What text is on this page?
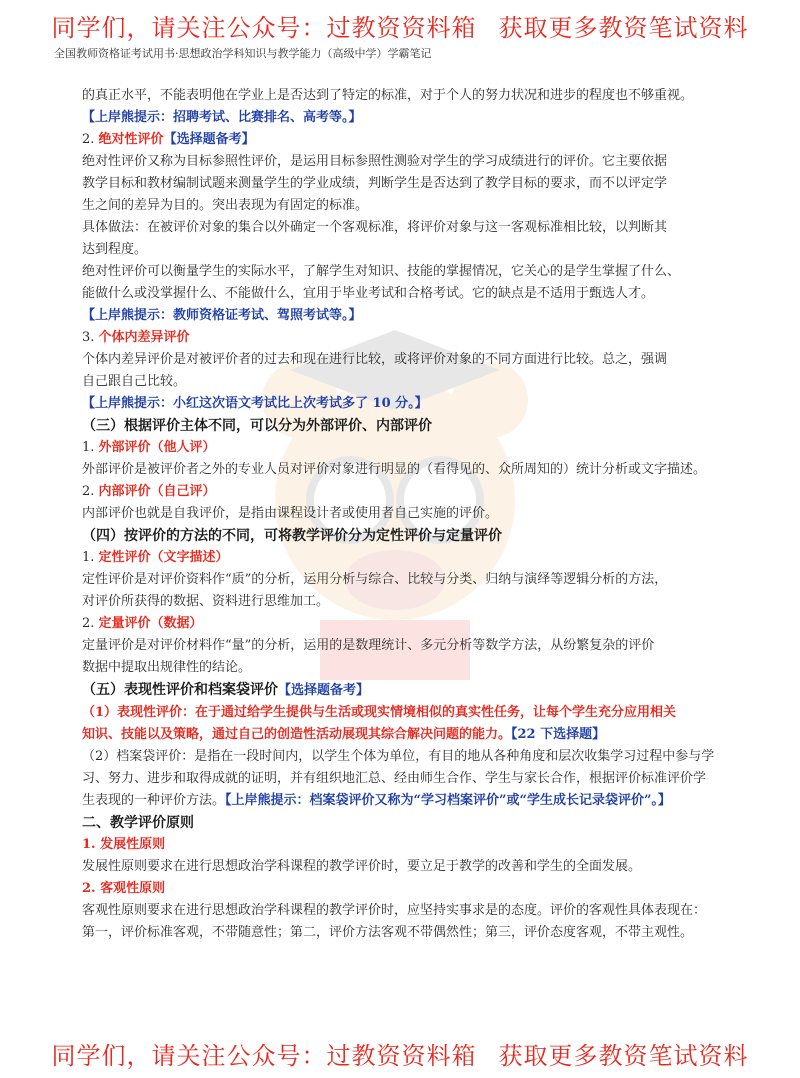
同学们，请关注公众号：过教资资料箱 获取更多教资笔试资料
全国教师资格证考试用书·思想政治学科知识与教学能力（高级中学）学霸笔记

的真正水平，不能表明他在学业上是否达到了特定的标准，对于个人的努力状况和进步的程度也不够重视。

【上岸熊提示：招聘考试、比赛排名、高考等。】

2. 绝对性评价【选择题备考】

绝对性评价又称为目标参照性评价，是运用目标参照性测验对学生的学习成绩进行的评价。它主要依据

教学目标和教材编制试题来测量学生的学业成绩，判断学生是否达到了教学目标的要求，而不以评定学

生之间的差异为目的。突出表现为有固定的标准。

具体做法：在被评价对象的集合以外确定一个客观标准，将评价对象与这一客观标准相比较，以判断其

达到程度。

绝对性评价可以衡量学生的实际水平，了解学生对知识、技能的掌握情况，它关心的是学生掌握了什么、

能做什么或没掌握什么、不能做什么，宜用于毕业考试和合格考试。它的缺点是不适用于甄选人才。

【上岸熊提示：教师资格证考试、驾照考试等。】

3. 个体内差异评价

个体内差异评价是对被评价者的过去和现在进行比较，或将评价对象的不同方面进行比较。总之，强调

自己跟自己比较。

【上岸熊提示：小红这次语文考试比上次考试多了 10 分。】

（三）根据评价主体不同，可以分为外部评价、内部评价

1. 外部评价（他人评）

外部评价是被评价者之外的专业人员对评价对象进行明显的（看得见的、众所周知的）统计分析或文字描述。

2. 内部评价（自己评）

内部评价也就是自我评价，是指由课程设计者或使用者自己实施的评价。

（四）按评价的方法的不同，可将教学评价分为定性评价与定量评价

1. 定性评价（文字描述）

定性评价是对评价资料作“质”的分析，运用分析与综合、比较与分类、归纳与演绎等逻辑分析的方法，

对评价所获得的数据、资料进行思维加工。

2. 定量评价（数据）

定量评价是对评价材料作“量”的分析，运用的是数理统计、多元分析等数学方法，从纷繁复杂的评价

数据中提取出规律性的结论。

（五）表现性评价和档案袋评价【选择题备考】

（1）表现性评价：在于通过给学生提供与生活或现实情境相似的真实性任务，让每个学生充分应用相关

知识、技能以及策略，通过自己的创造性活动展现其综合解决问题的能力。【22 下选择题】

（2）档案袋评价：是指在一段时间内，以学生个体为单位，有目的地从各种角度和层次收集学习过程中参与学

习、努力、进步和取得成就的证明，并有组织地汇总、经由师生合作、学生与家长合作，根据评价标准评价学

生表现的一种评价方法。【上岸熊提示：档案袋评价又称为“学习档案评价”或“学生成长记录袋评价”。】

二、教学评价原则

1. 发展性原则

发展性原则要求在进行思想政治学科课程的教学评价时，要立足于教学的改善和学生的全面发展。

2. 客观性原则

客观性原则要求在进行思想政治学科课程的教学评价时，应坚持实事求是的态度。评价的客观性具体表现在：

第一，评价标准客观，不带随意性；第二，评价方法客观不带偶然性；第三，评价态度客观，不带主观性。

同学们，请关注公众号：过教资资料箱 获取更多教资笔试资料
